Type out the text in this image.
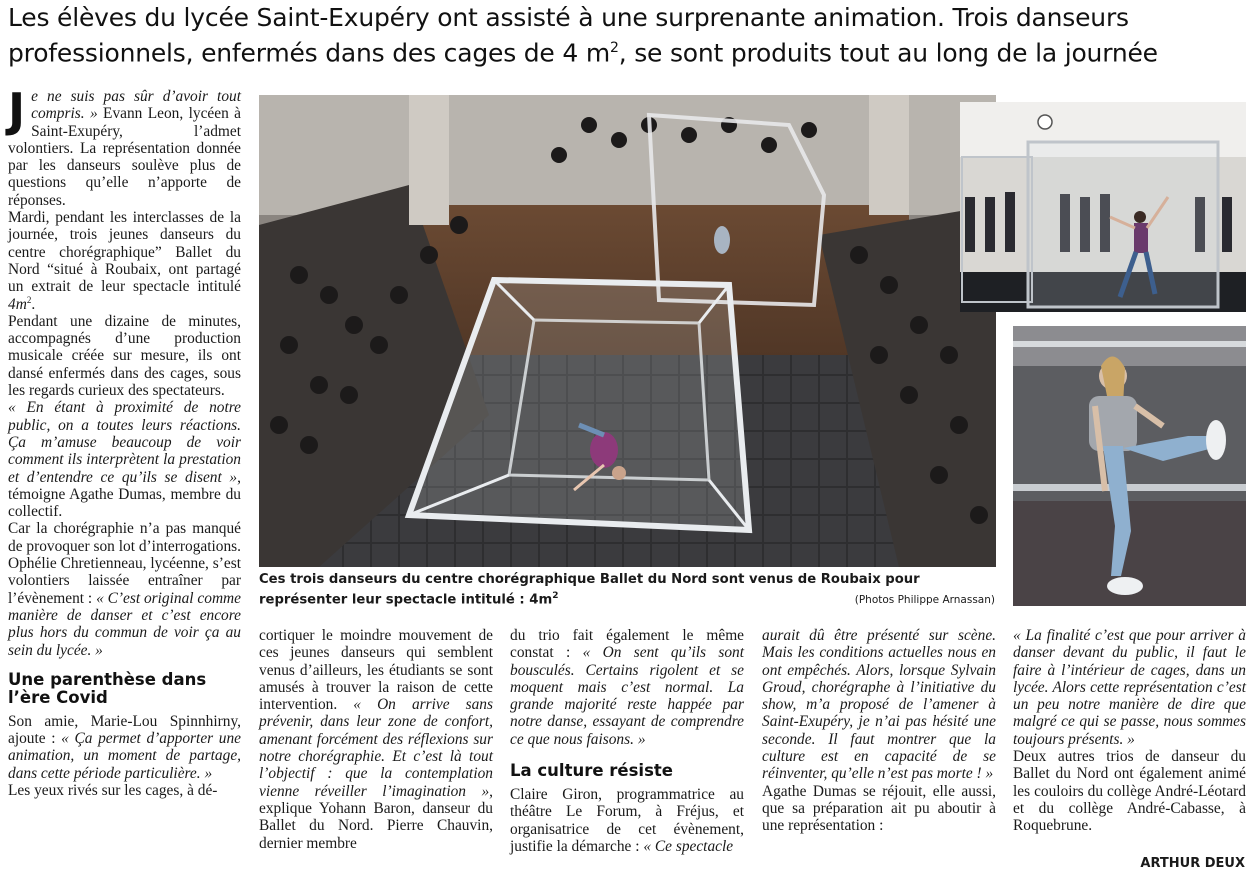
Les élèves du lycée Saint-Exupéry ont assisté à une surprenante animation. Trois danseurs
professionnels, enfermés dans des cages de 4 $m^2$, se sont produits tout au long de la journée

Je ne suis pas sûr d’avoir tout compris. » Evann Leon, lycéen à Saint-Exupéry, l’admet volontiers. La représentation donnée par les danseurs soulève plus de questions qu’elle n’apporte de réponses.

Mardi, pendant les interclasses de la journée, trois jeunes danseurs du centre chorégraphique” Ballet du Nord “situé à Roubaix, ont partagé un extrait de leur spectacle intitulé $4m^2$.

Pendant une dizaine de minutes, accompagnés d’une production musicale créée sur mesure, ils ont dansé enfermés dans des cages, sous les regards curieux des spectateurs.

« En étant à proximité de notre public, on a toutes leurs réactions. Ça m’amuse beaucoup de voir comment ils interprètent la prestation et d’entendre ce qu’ils se disent », témoigne Agathe Dumas, membre du collectif.

Car la chorégraphie n’a pas manqué de provoquer son lot d’interrogations. Ophélie Chretienneau, lycéenne, s’est volontiers laissée entraîner par l’évènement : « C’est original comme manière de danser et c’est encore plus hors du commun de voir ça au sein du lycée. »

Une parenthèse dans l’ère Covid

Son amie, Marie-Lou Spinnhirny, ajoute : « Ça permet d’apporter une animation, un moment de partage, dans cette période particulière. »

Les yeux rivés sur les cages, à dé-

Ces trois danseurs du centre chorégraphique Ballet du Nord sont venus de Roubaix pour représenter leur spectacle intitulé : $4m^2$	(Photos Philippe Arnassan)

cortiquer le moindre mouvement de ces jeunes danseurs qui semblent venus d’ailleurs, les étudiants se sont amusés à trouver la raison de cette intervention. « On arrive sans prévenir, dans leur zone de confort, amenant forcément des réflexions sur notre chorégraphie. Et c’est là tout l’objectif : que la contemplation vienne réveiller l’imagination », explique Yohann Baron, danseur du Ballet du Nord. Pierre Chauvin, dernier membre

du trio fait également le même constat : « On sent qu’ils sont bousculés. Certains rigolent et se moquent mais c’est normal. La grande majorité reste happée par notre danse, essayant de comprendre ce que nous faisons. »

La culture résiste

Claire Giron, programmatrice au théâtre Le Forum, à Fréjus, et organisatrice de cet évènement, justifie la démarche : « Ce spectacle

aurait dû être présenté sur scène. Mais les conditions actuelles nous en ont empêchés. Alors, lorsque Sylvain Groud, chorégraphe à l’initiative du show, m’a proposé de l’amener à Saint-Exupéry, je n’ai pas hésité une seconde. Il faut montrer que la culture est en capacité de se réinventer, qu’elle n’est pas morte ! »

Agathe Dumas se réjouit, elle aussi, que sa préparation ait pu aboutir à une représentation :

« La finalité c’est que pour arriver à danser devant du public, il faut le faire à l’intérieur de cages, dans un lycée. Alors cette représentation c’est un peu notre manière de dire que malgré ce qui se passe, nous sommes toujours présents. »

Deux autres trios de danseur du Ballet du Nord ont également animé les couloirs du collège André-Léotard et du collège André-Cabasse, à Roquebrune.

ARTHUR DEUX
